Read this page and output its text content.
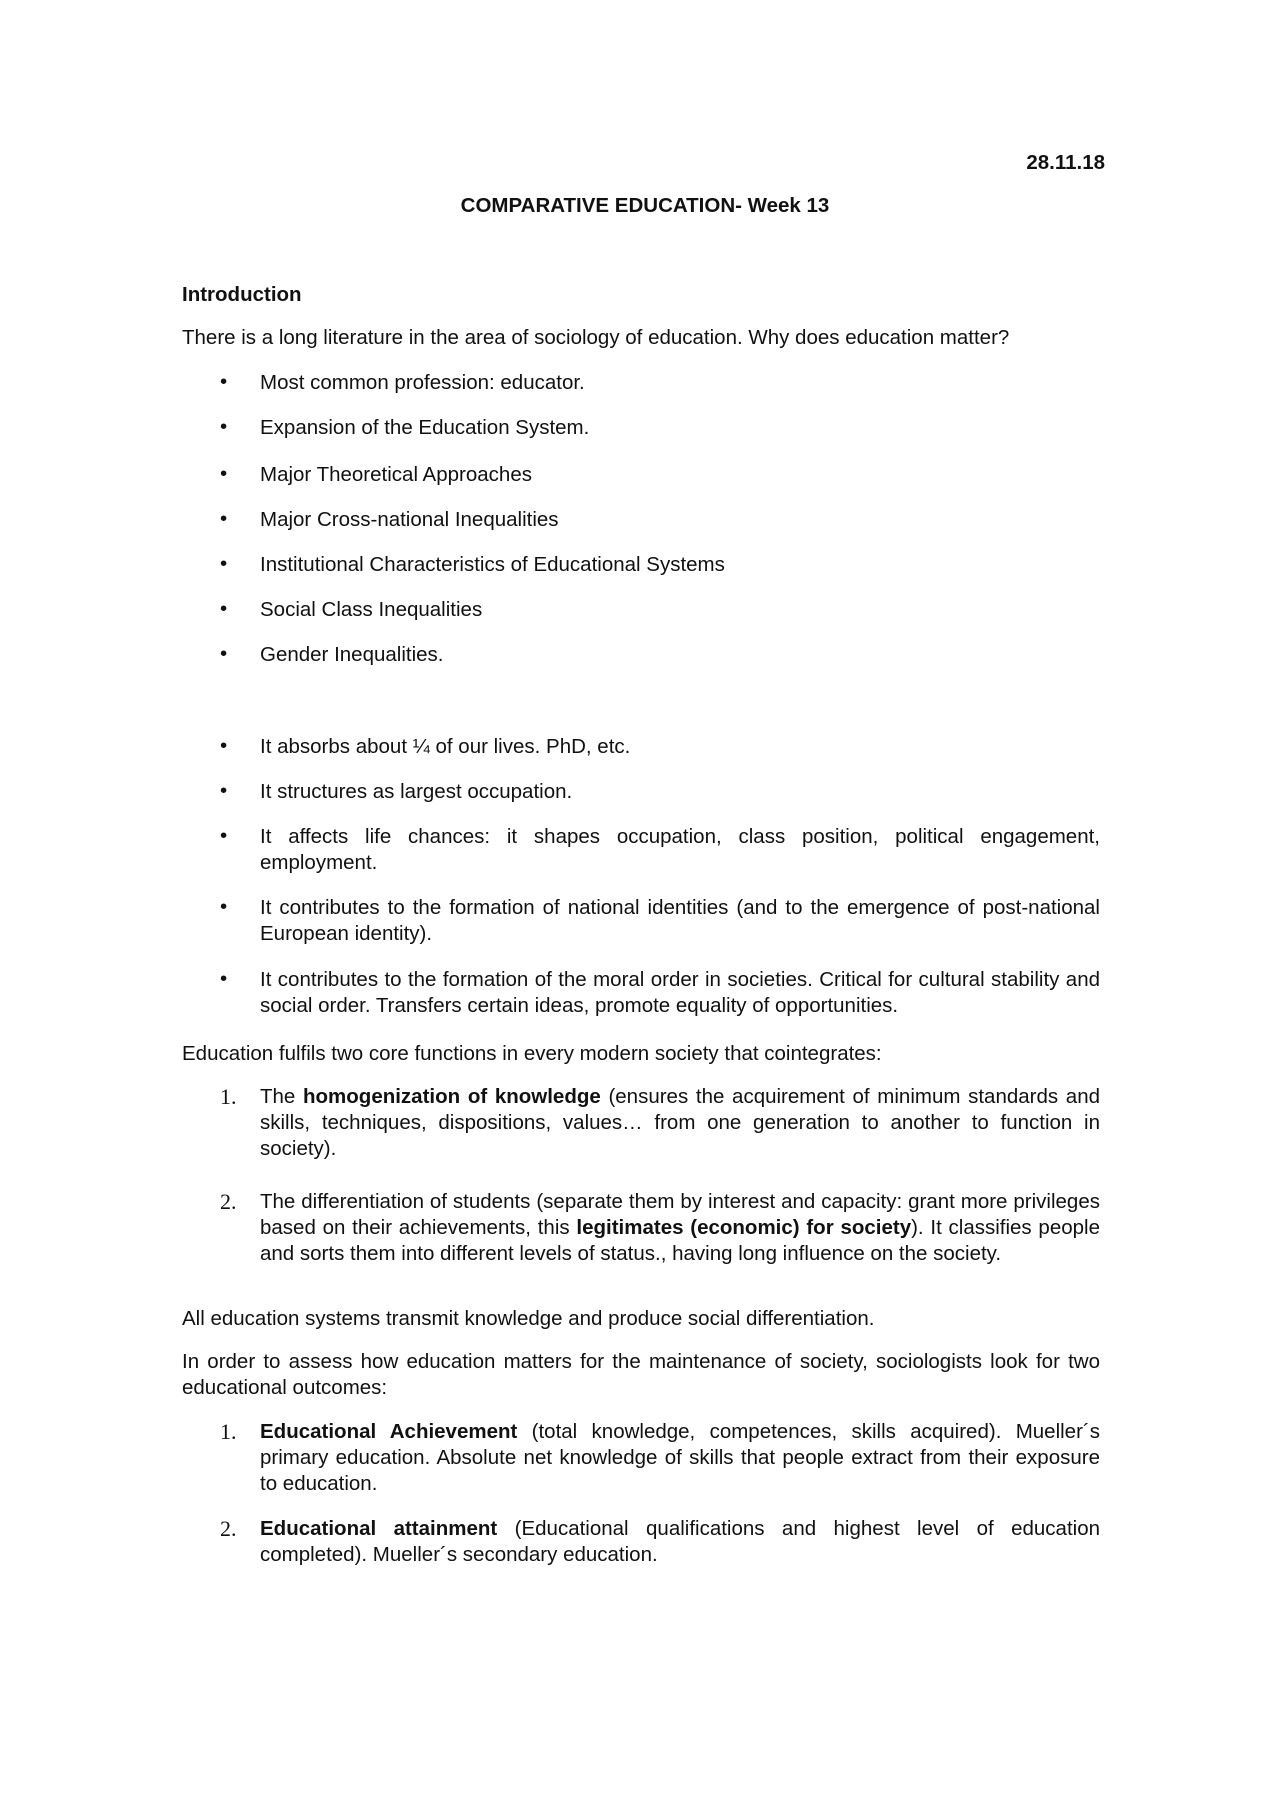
28.11.18
COMPARATIVE EDUCATION- Week 13
Introduction
There is a long literature in the area of sociology of education. Why does education matter?
• Most common profession: educator.
• Expansion of the Education System.
• Major Theoretical Approaches
• Major Cross-national Inequalities
• Institutional Characteristics of Educational Systems
• Social Class Inequalities
• Gender Inequalities.
• It absorbs about ¼ of our lives. PhD, etc.
• It structures as largest occupation.
• It affects life chances: it shapes occupation, class position, political engagement, employment.
• It contributes to the formation of national identities (and to the emergence of post-national European identity).
• It contributes to the formation of the moral order in societies. Critical for cultural stability and social order. Transfers certain ideas, promote equality of opportunities.
Education fulfils two core functions in every modern society that cointegrates:
1. The homogenization of knowledge (ensures the acquirement of minimum standards and skills, techniques, dispositions, values… from one generation to another to function in society).
2. The differentiation of students (separate them by interest and capacity: grant more privileges based on their achievements, this legitimates (economic) for society). It classifies people and sorts them into different levels of status., having long influence on the society.
All education systems transmit knowledge and produce social differentiation.
In order to assess how education matters for the maintenance of society, sociologists look for two educational outcomes:
1. Educational Achievement (total knowledge, competences, skills acquired). Mueller´s primary education. Absolute net knowledge of skills that people extract from their exposure to education.
2. Educational attainment (Educational qualifications and highest level of education completed). Mueller´s secondary education.
